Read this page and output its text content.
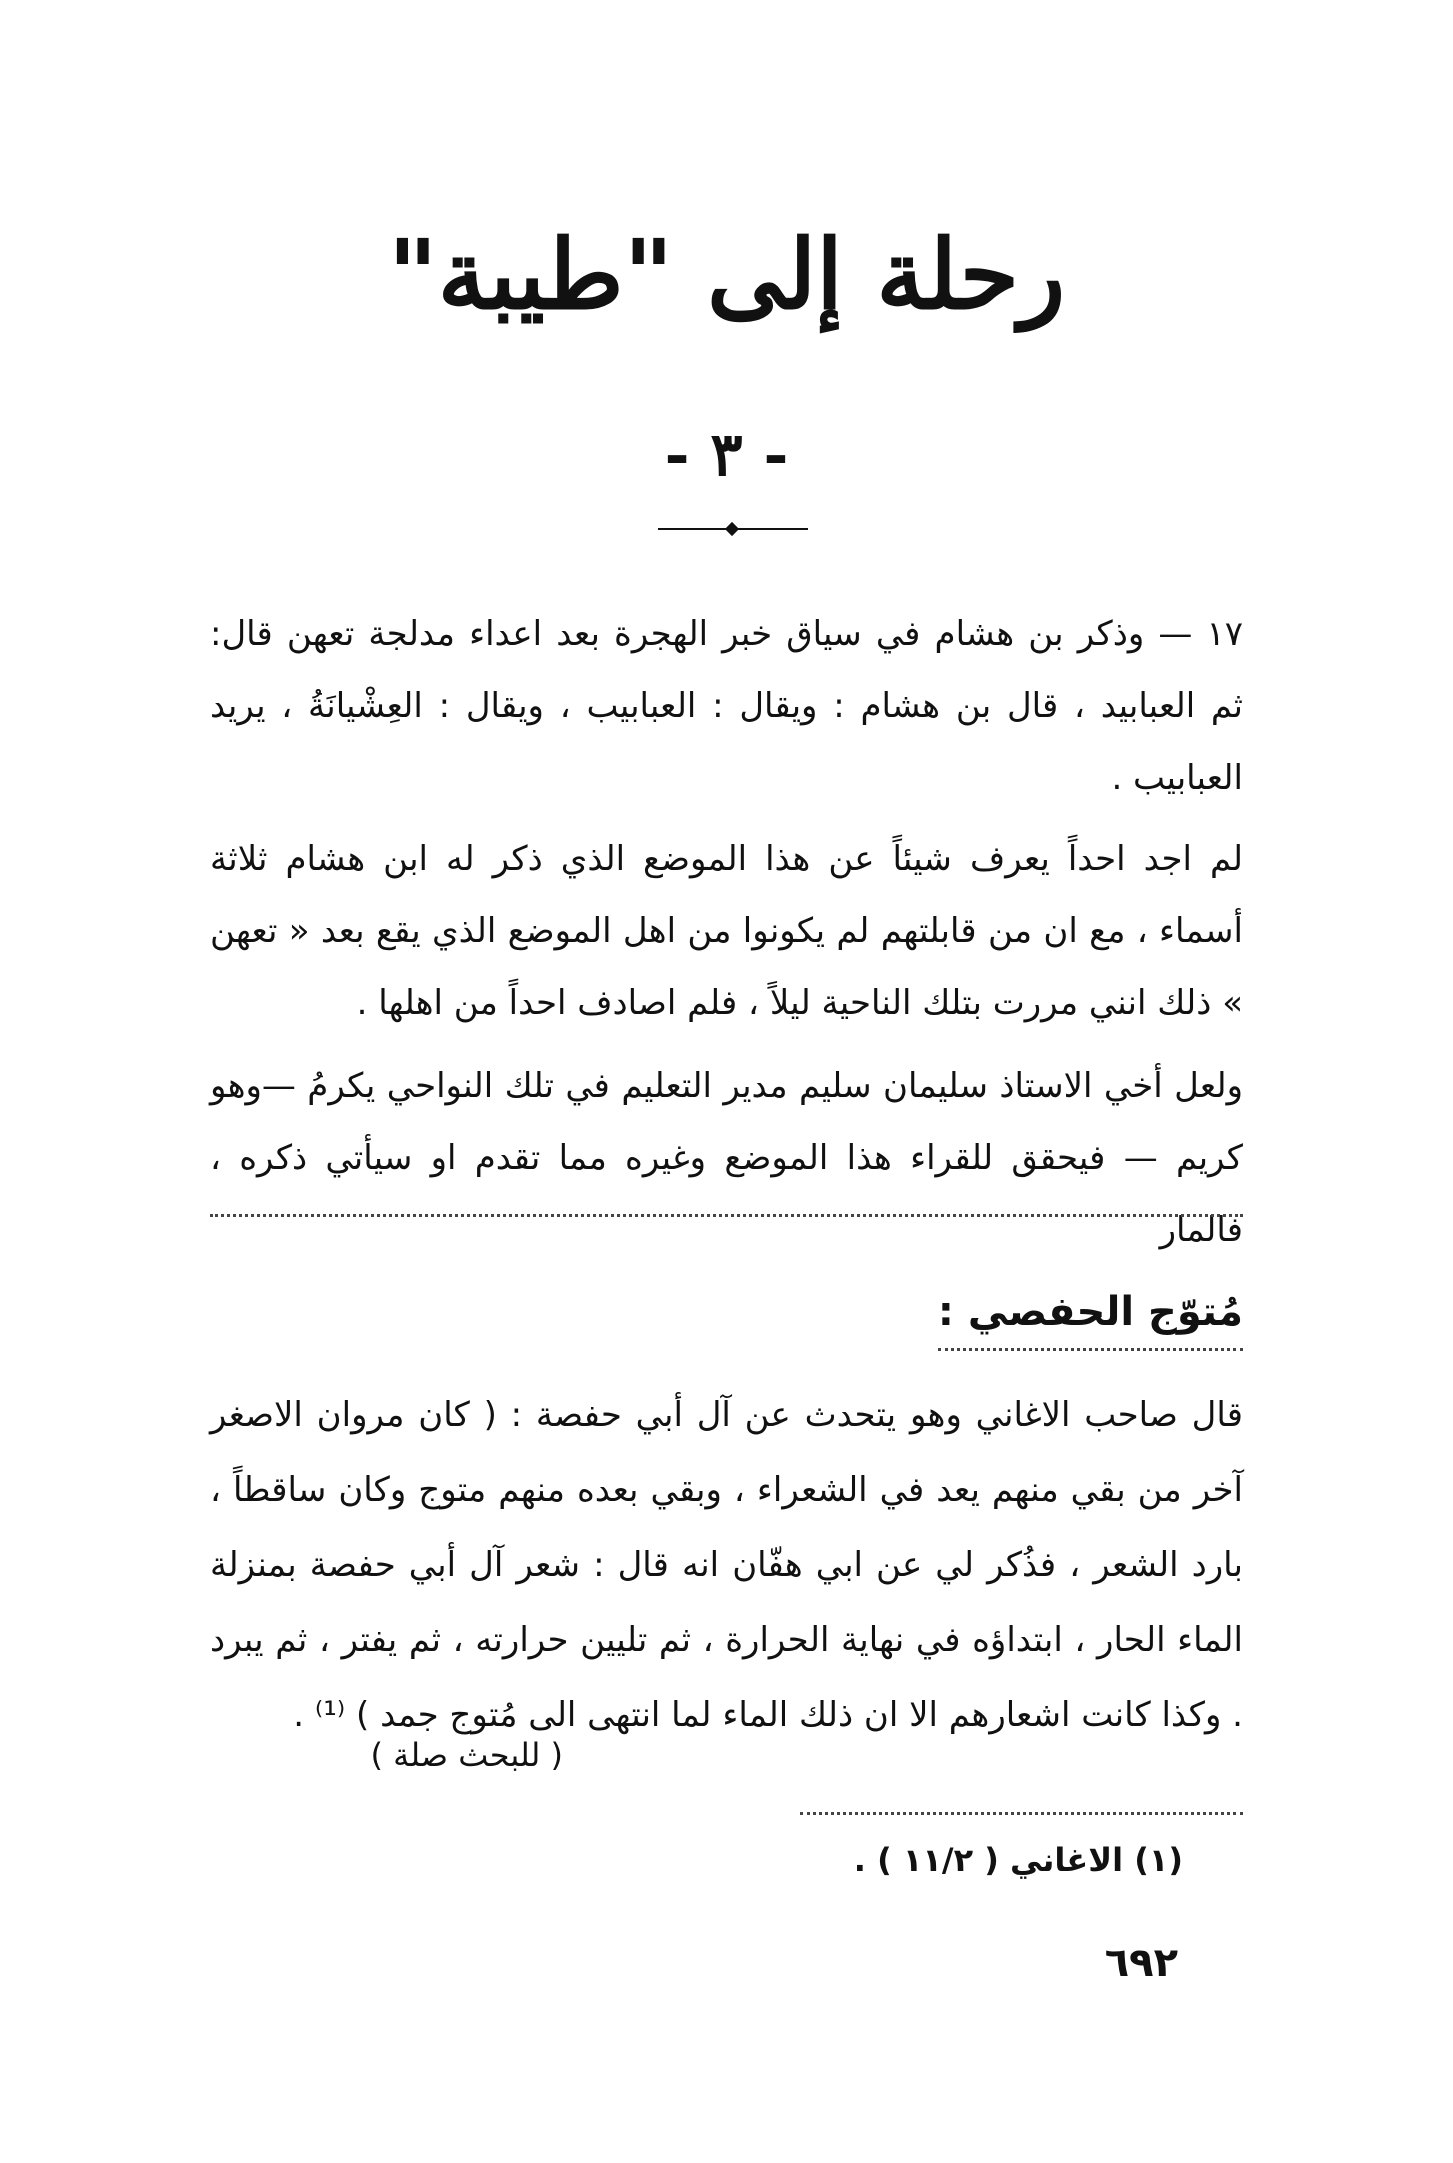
رحلة إلى "طيبة"
- ٣ -

١٧ — وذكر بن هشام في سياق خبر الهجرة بعد اعداء مدلجة تعهن قال: ثم العبابيد ، قال بن هشام : ويقال : العبابيب ، ويقال : العِشْيانَةُ ، يريد العبابيب .

لم اجد احداً يعرف شيئاً عن هذا الموضع الذي ذكر له ابن هشام ثلاثة أسماء ، مع ان من قابلتهم لم يكونوا من اهل الموضع الذي يقع بعد « تعهن » ذلك انني مررت بتلك الناحية ليلاً ، فلم اصادف احداً من اهلها .

ولعل أخي الاستاذ سليمان سليم مدير التعليم في تلك النواحي يكرمُ —وهو كريم — فيحقق للقراء هذا الموضع وغيره مما تقدم او سيأتي ذكره ، فالمار

مُتوّج الحفصي :

قال صاحب الاغاني وهو يتحدث عن آل أبي حفصة : ( كان مروان الاصغر آخر من بقي منهم يعد في الشعراء ، وبقي بعده منهم متوج وكان ساقطاً ، بارد الشعر ، فذُكر لي عن ابي هفّان انه قال : شعر آل أبي حفصة بمنزلة الماء الحار ، ابتداؤه في نهاية الحرارة ، ثم تليين حرارته ، ثم يفتر ، ثم يبرد . وكذا كانت اشعارهم الا ان ذلك الماء لما انتهى الى مُتوج جمد ) ⁽¹⁾ .

( للبحث صلة )
(١) الاغاني ( ١١/٢ ) .
٦٩٢
